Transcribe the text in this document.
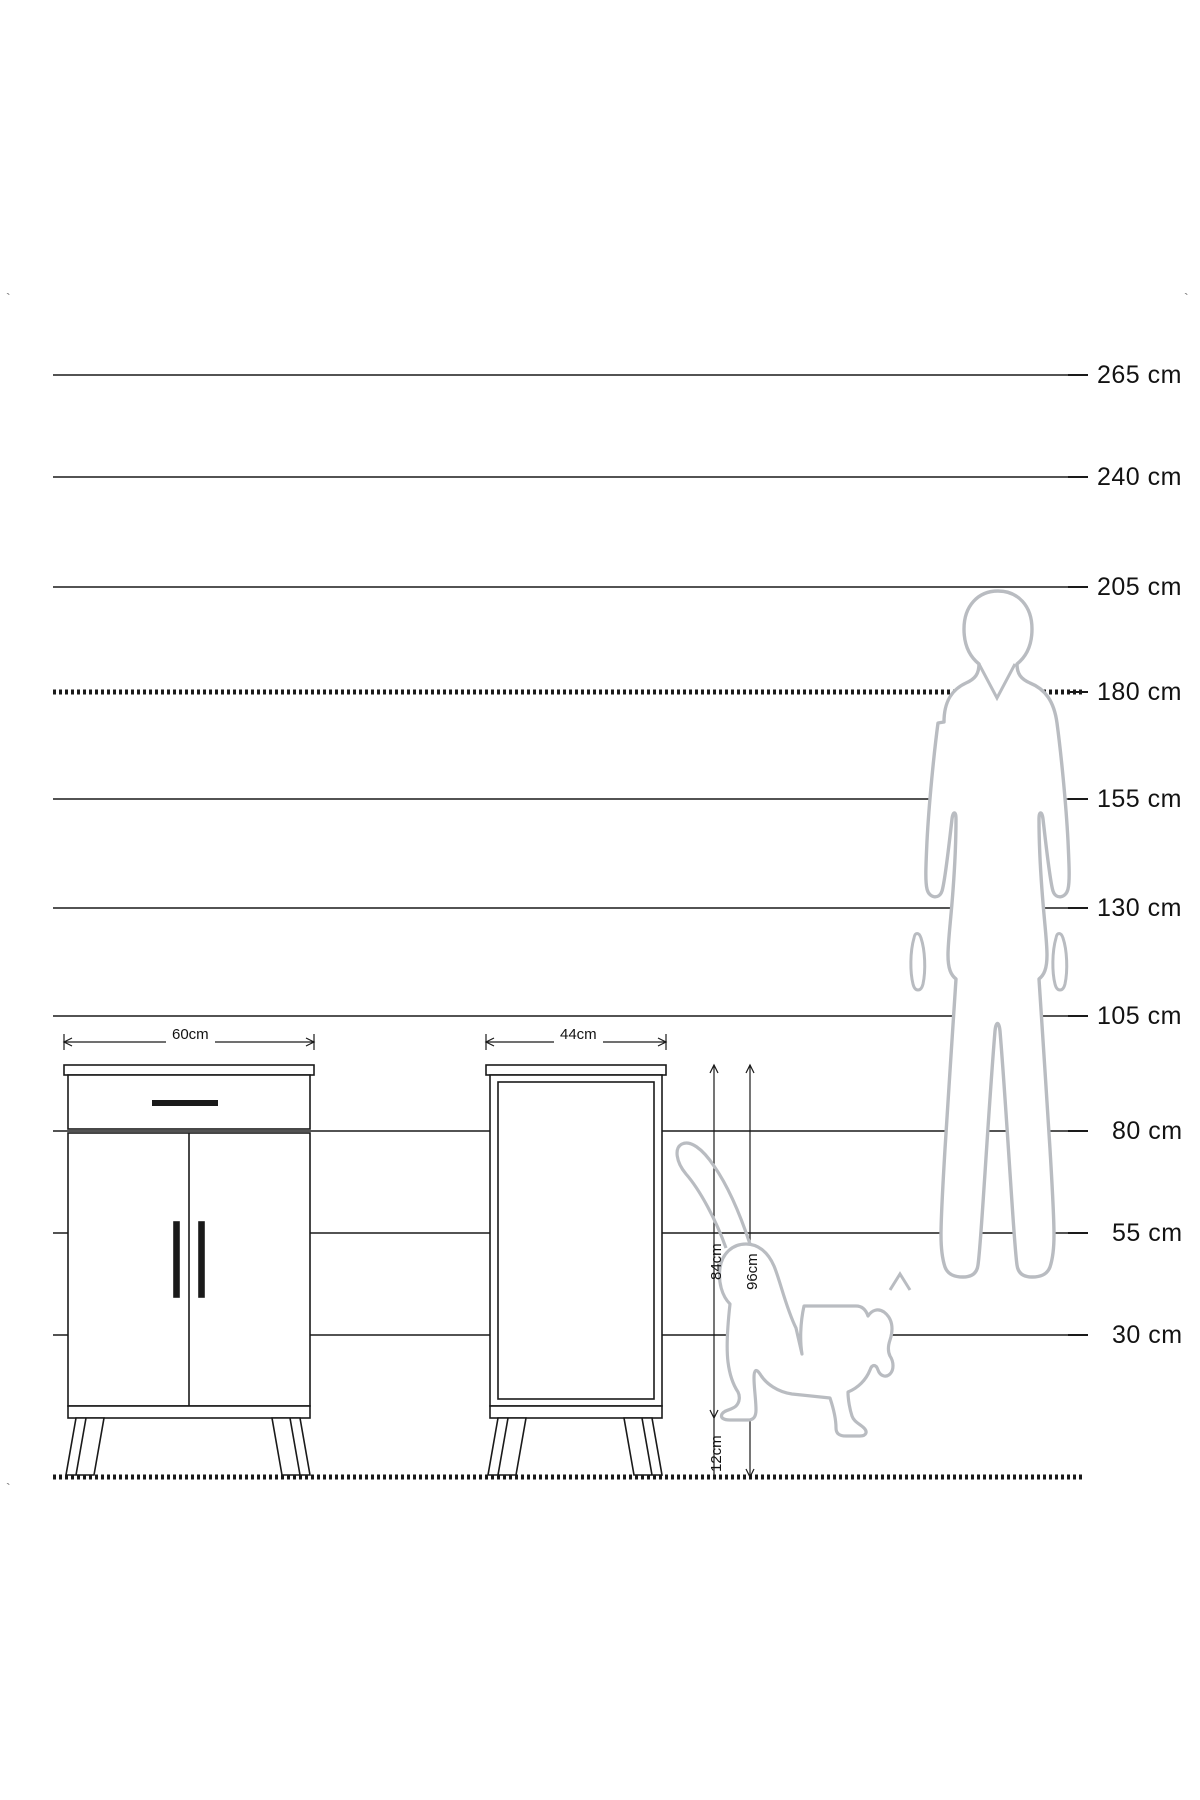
265 cm
240 cm
205 cm
180 cm
155 cm
130 cm
105 cm
80 cm
55 cm
30 cm
60cm	44cm
84cm 96cm
12cm
`	`
`
